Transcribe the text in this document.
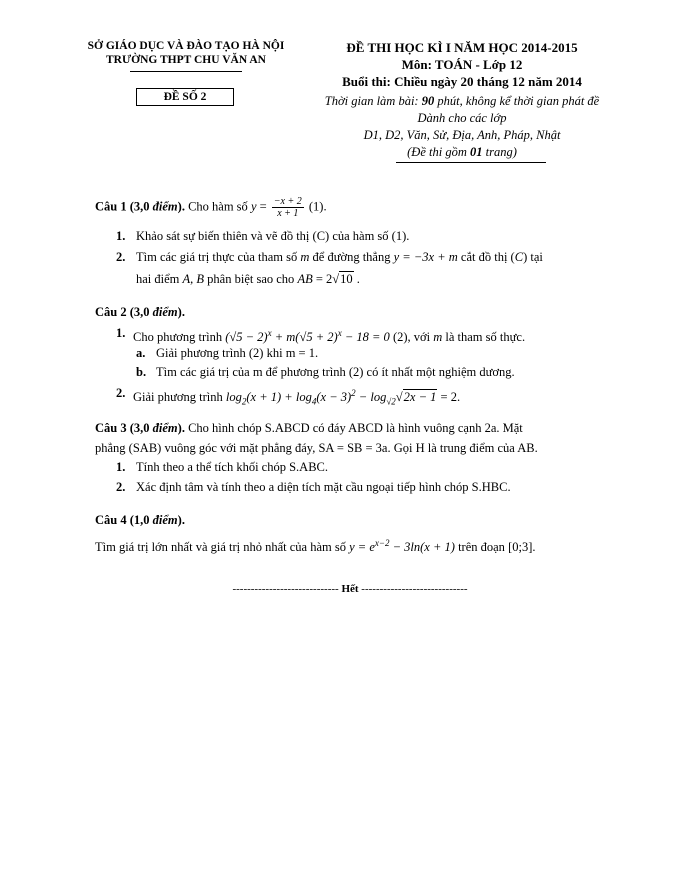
SỞ GIÁO DỤC VÀ ĐÀO TẠO HÀ NỘI
TRƯỜNG THPT CHU VĂN AN
ĐỀ SỐ 2
ĐỀ THI HỌC KÌ I NĂM HỌC 2014-2015
Môn: TOÁN - Lớp 12
Buổi thi: Chiều ngày 20 tháng 12 năm 2014
Thời gian làm bài: 90 phút, không kể thời gian phát đề
Dành cho các lớp
D1, D2, Văn, Sử, Địa, Anh, Pháp, Nhật
(Đề thi gồm 01 trang)
Câu 1 (3,0 điểm). Cho hàm số $y = \frac{-x + 2}{x + 1} (1)$.
1. Khảo sát sự biến thiên và vẽ đồ thị (C) của hàm số (1).
2. Tìm các giá trị thực của tham số m để đường thẳng y = −3x + m cắt đồ thị (C) tại
hai điểm A, B phân biệt sao cho AB = 2√10 .
Câu 2 (3,0 điểm).
1. Cho phương trình $(√5 - 2)^x + m(√5 + 2)^x - 18 = 0$ (2), với m là tham số thực.
a. Giải phương trình (2) khi m = 1.
b. Tìm các giá trị của m để phương trình (2) có ít nhất một nghiệm dương.
2. Giải phương trình $\log_2(x + 1) + \log_4(x - 3)^2 - \log_{√2}√2x - 1 = 2$.
Câu 3 (3,0 điểm). Cho hình chóp S.ABCD có đáy ABCD là hình vuông cạnh 2a. Mặt
phẳng (SAB) vuông góc với mặt phẳng đáy, SA = SB = 3a. Gọi H là trung điểm của AB.
1. Tính theo a thể tích khối chóp S.ABC.
2. Xác định tâm và tính theo a diện tích mặt cầu ngoại tiếp hình chóp S.HBC.
Câu 4 (1,0 điểm).
Tìm giá trị lớn nhất và giá trị nhỏ nhất của hàm số $y = e^{x-2} - 3\ln(x + 1)$ trên đoạn [0;3].
----------------------------- Hết -----------------------------
